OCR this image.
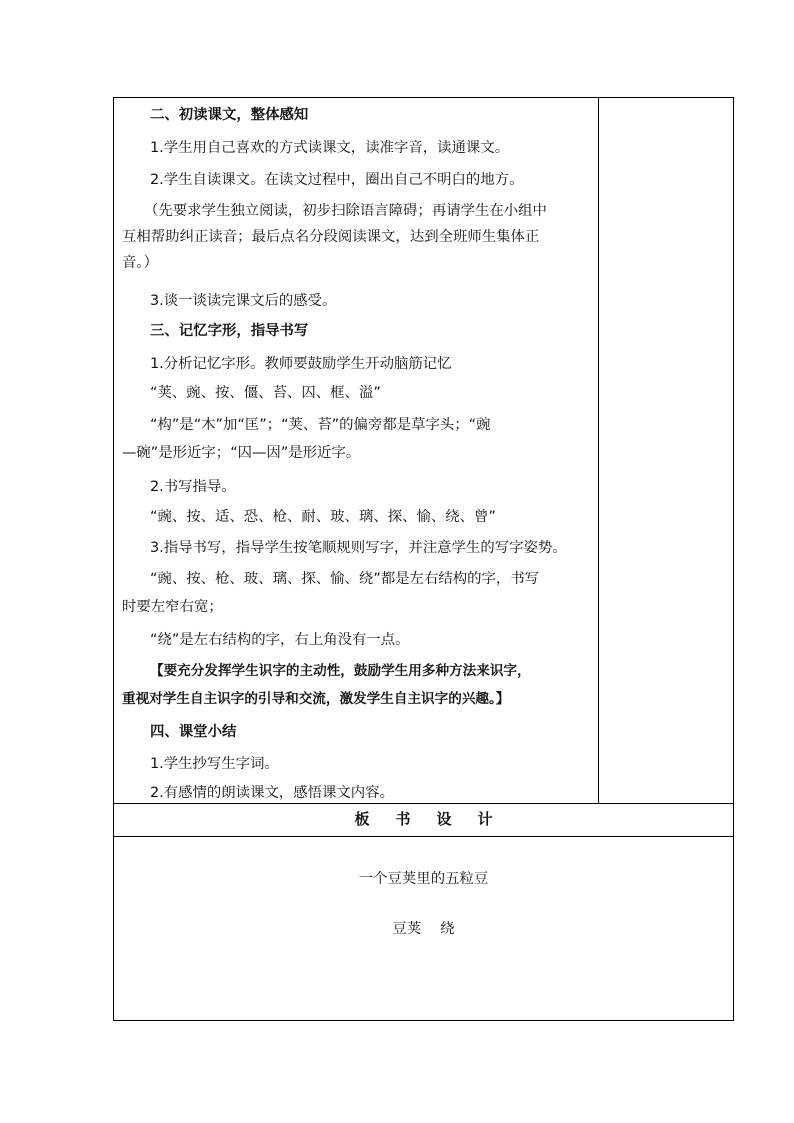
二、初读课文，整体感知
1.学生用自己喜欢的方式读课文，读准字音，读通课文。
2.学生自读课文。在读文过程中，圈出自己不明白的地方。
（先要求学生独立阅读，初步扫除语言障碍；再请学生在小组中
互相帮助纠正读音；最后点名分段阅读课文，达到全班师生集体正
音。）
3.谈一谈读完课文后的感受。
三、记忆字形，指导书写
1.分析记忆字形。教师要鼓励学生开动脑筋记忆
“荚、豌、按、僵、苔、囚、框、溢”
“构”是“木”加“匡”；“荚、苔”的偏旁都是草字头；“豌
—碗”是形近字；“囚—因”是形近字。
2.书写指导。
“豌、按、适、恐、枪、耐、玻、璃、探、愉、绕、曾”
3.指导书写，指导学生按笔顺规则写字，并注意学生的写字姿势。
“豌、按、枪、玻、璃、探、愉、绕”都是左右结构的字，书写
时要左窄右宽；
“绕”是左右结构的字，右上角没有一点。
【要充分发挥学生识字的主动性，鼓励学生用多种方法来识字，
重视对学生自主识字的引导和交流，激发学生自主识字的兴趣。】
四、课堂小结
1.学生抄写生字词。
2.有感情的朗读课文，感悟课文内容。
板 书 设 计
一个豆荚里的五粒豆
豆荚　 绕
